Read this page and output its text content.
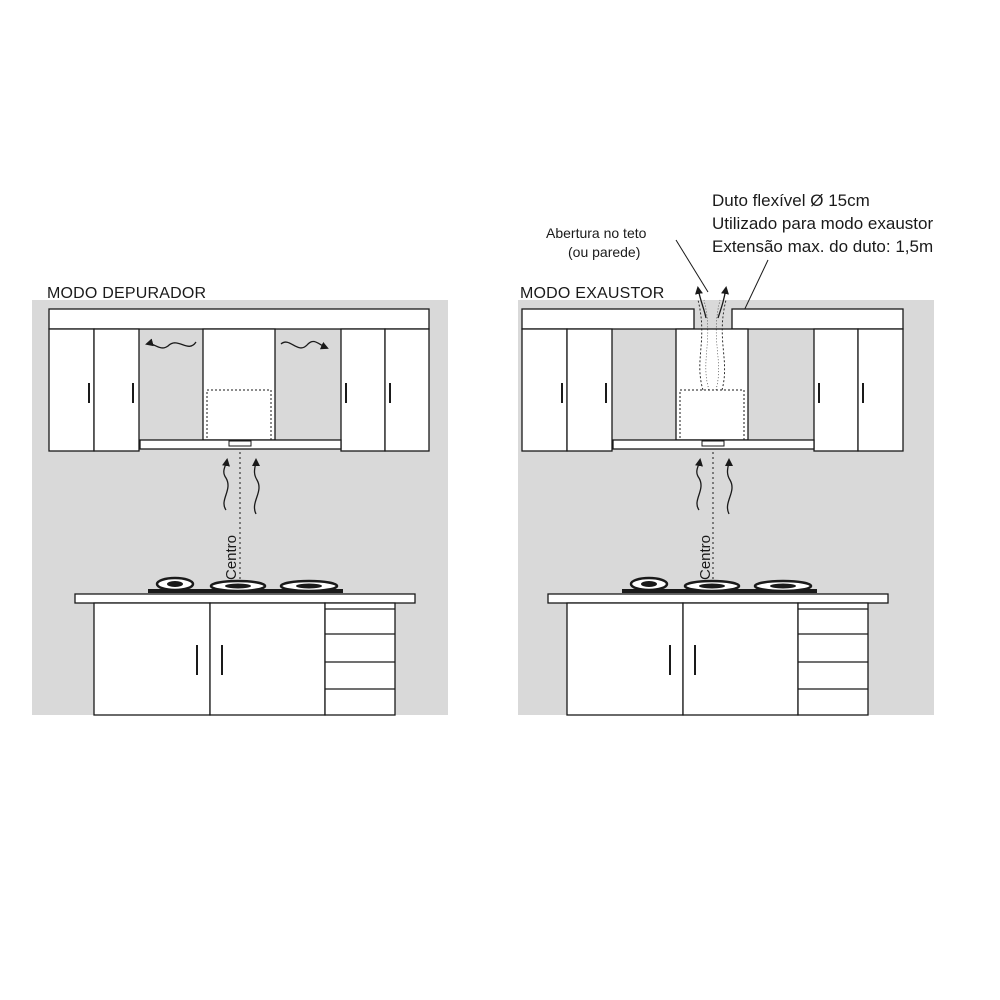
MODO DEPURADOR
Centro
MODO EXAUSTOR
Duto flexível Ø 15cm
Utilizado para modo exaustor
Extensão max. do duto: 1,5m
Abertura no teto
(ou parede)
Centro
